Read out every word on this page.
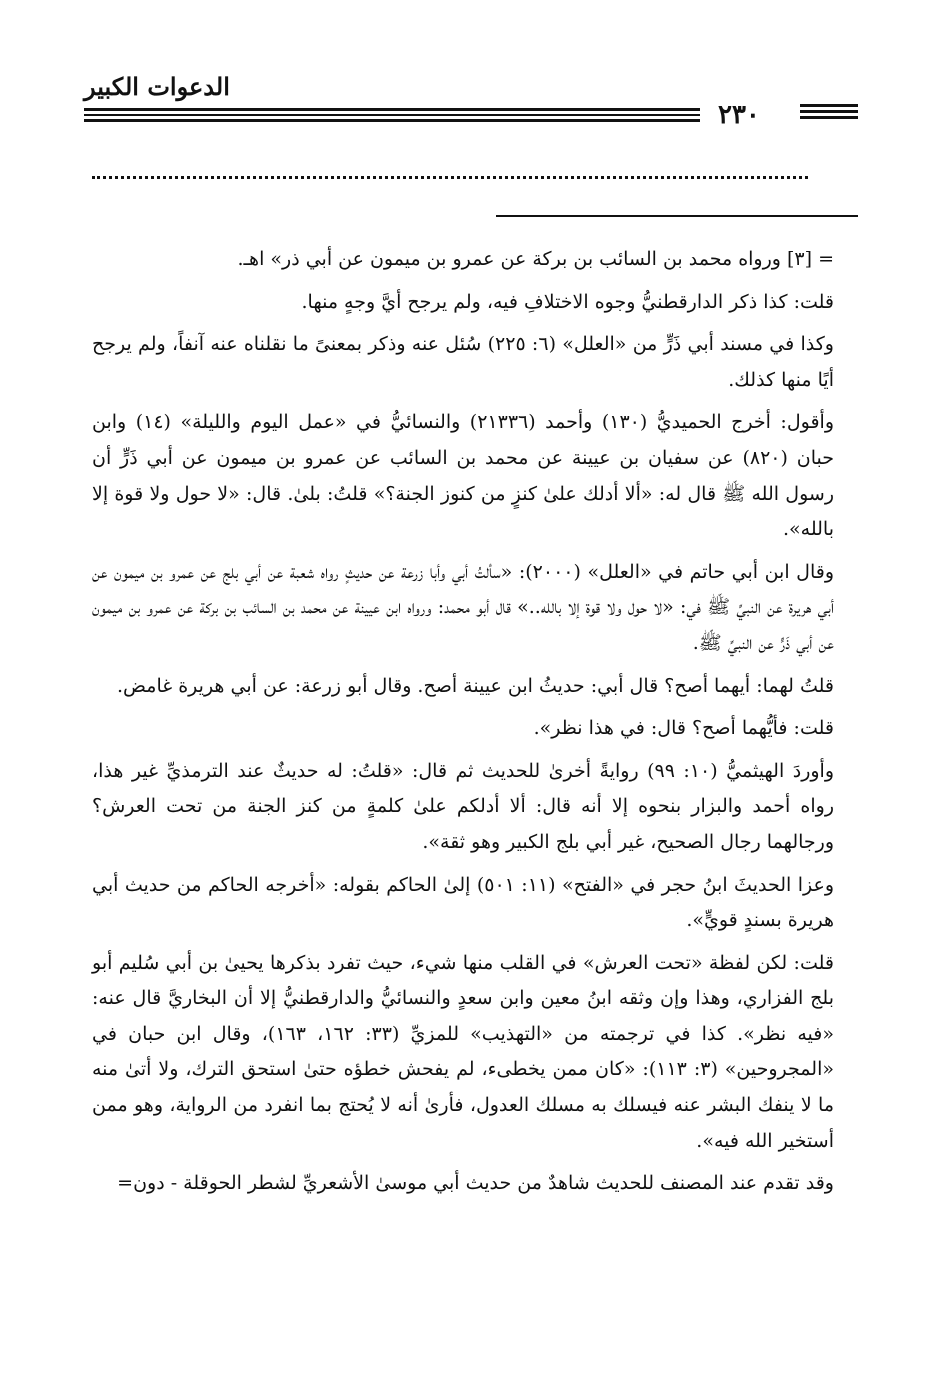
الدعوات الكبير
٢٣٠

= [٣] ورواه محمد بن السائب بن بركة عن عمرو بن ميمون عن أبي ذر» اهـ.

قلت: كذا ذكر الدارقطنيُّ وجوه الاختلافِ فيه، ولم يرجح أيَّ وجهٍ منها.

وكذا في مسند أبي ذَرٍّ من «العلل» (٦: ٢٢٥) سُئل عنه وذكر بمعنىً ما نقلناه عنه آنفاً، ولم يرجح أيًا منها كذلك.

وأقول: أخرج الحميديُّ (١٣٠) وأحمد (٢١٣٣٦) والنسائيُّ في «عمل اليوم والليلة» (١٤) وابن حبان (٨٢٠) عن سفيان بن عيينة عن محمد بن السائب عن عمرو بن ميمون عن أبي ذَرٍّ أن رسول الله ﷺ قال له: «ألا أدلك علىٰ كنزٍ من كنوز الجنة؟» قلتُ: بلىٰ. قال: «لا حول ولا قوة إلا بالله».

وقال ابن أبي حاتم في «العلل» (٢٠٠٠): «سألتُ أبي وأبا زرعة عن حديثٍ رواه شعبة عن أبي بلج عن عمرو بن ميمون عن أبي هريرة عن النبيِّ ﷺ في: «لا حول ولا قوة إلا بالله..» قال أبو محمد: ورواه ابن عيينة عن محمد بن السائب بن بركة عن عمرو بن ميمون عن أبي ذَرٍّ عن النبيِّ ﷺ.

قلتُ لهما: أيهما أصح؟ قال أبي: حديثُ ابن عيينة أصح. وقال أبو زرعة: عن أبي هريرة غامض.

قلت: فأيُّهما أصح؟ قال: في هذا نظر».

وأوردَ الهيثميُّ (١٠: ٩٩) روايةً أخرىٰ للحديث ثم قال: «قلتُ: له حديثٌ عند الترمذيِّ غير هذا، رواه أحمد والبزار بنحوه إلا أنه قال: ألا أدلكم علىٰ كلمةٍ من كنز الجنة من تحت العرش؟ ورجالهما رجال الصحيح، غير أبي بلج الكبير وهو ثقة».

وعزا الحديثَ ابنُ حجر في «الفتح» (١١: ٥٠١) إلىٰ الحاكم بقوله: «أخرجه الحاكم من حديث أبي هريرة بسندٍ قويٍّ».

قلت: لكن لفظة «تحت العرش» في القلب منها شيء، حيث تفرد بذكرها يحيىٰ بن أبي سُليم أبو بلج الفزاري، وهذا وإن وثقه ابنُ معين وابن سعدٍ والنسائيُّ والدارقطنيُّ إلا أن البخاريَّ قال عنه: «فيه نظر». كذا في ترجمته من «التهذيب» للمزيِّ (٣٣: ١٦٢، ١٦٣)، وقال ابن حبان في «المجروحين» (٣: ١١٣): «كان ممن يخطىء، لم يفحش خطؤه حتىٰ استحق الترك، ولا أتىٰ منه ما لا ينفك البشر عنه فيسلك به مسلك العدول، فأرىٰ أنه لا يُحتج بما انفرد من الرواية، وهو ممن أستخير الله فيه».

وقد تقدم عند المصنف للحديث شاهدٌ من حديث أبي موسىٰ الأشعريِّ لشطر الحوقلة - دون=
